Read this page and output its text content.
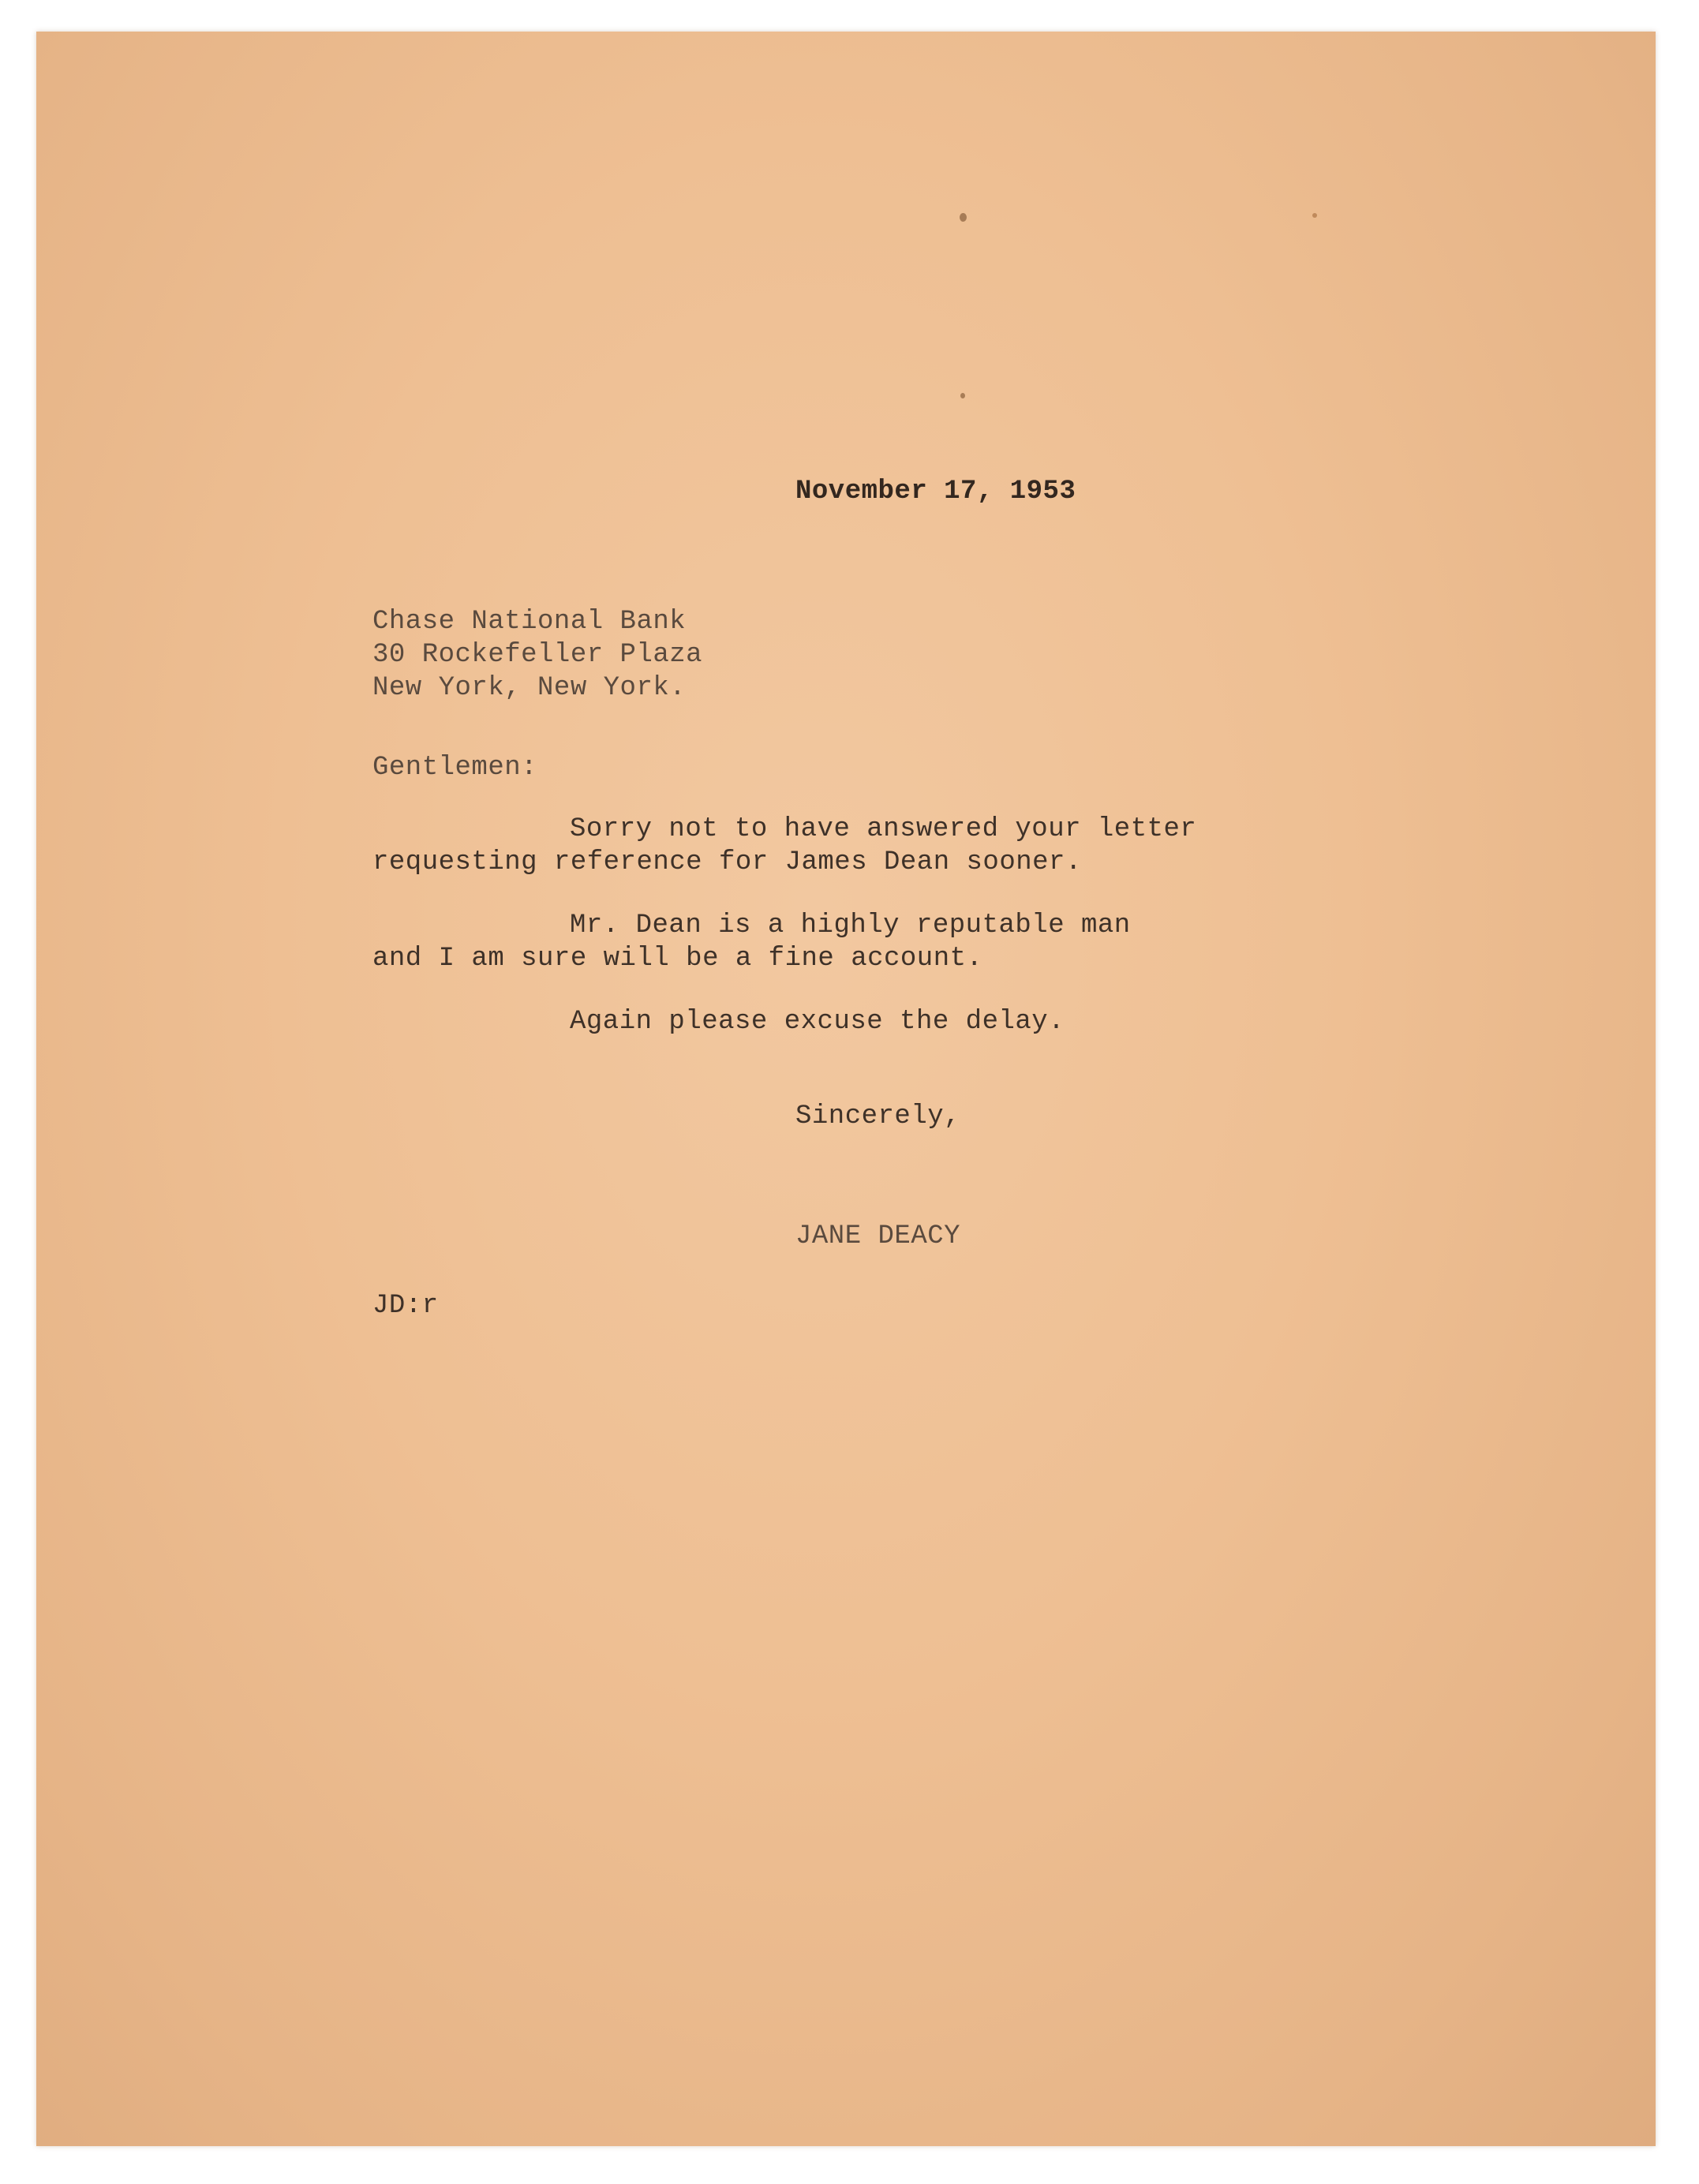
November 17, 1953
Chase National Bank
30 Rockefeller Plaza
New York, New York.
Gentlemen:
Sorry not to have answered your letter
requesting reference for James Dean sooner.
Mr. Dean is a highly reputable man
and I am sure will be a fine account.
Again please excuse the delay.
Sincerely,
JANE DEACY
JD:r
